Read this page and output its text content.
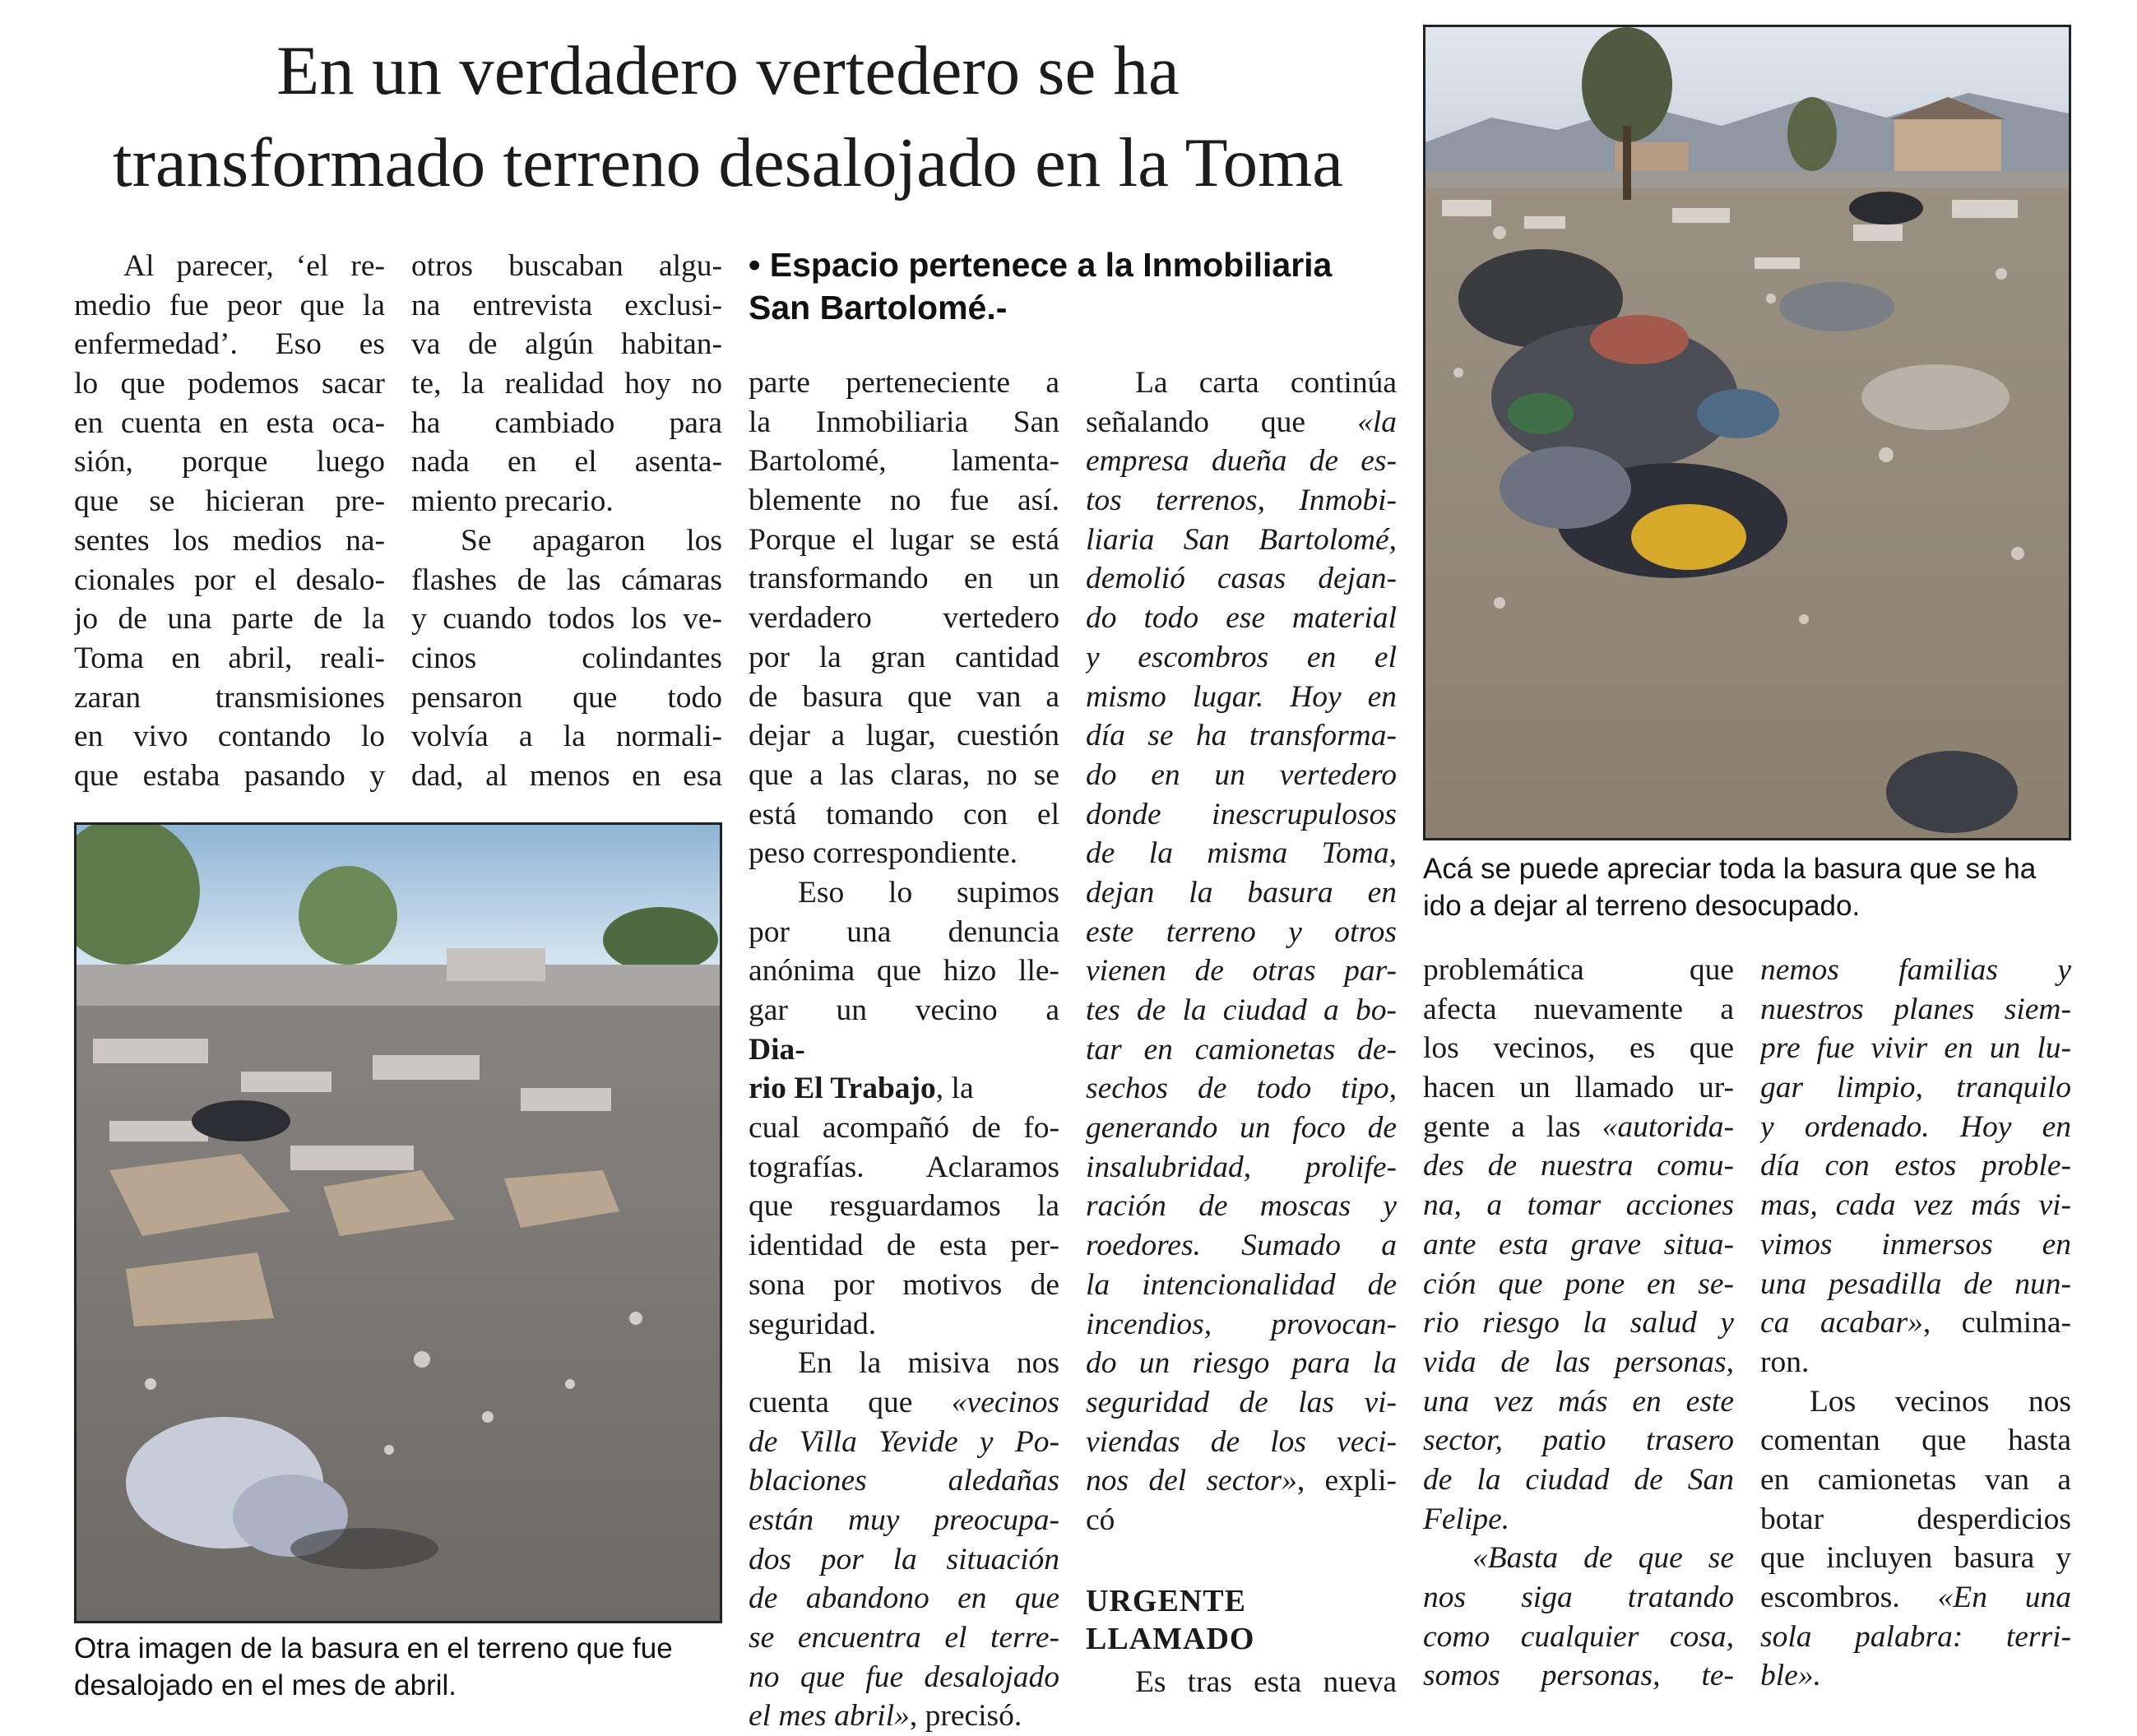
En un verdadero vertedero se ha
transformado terreno desalojado en la Toma
• Espacio pertenece a la Inmobiliaria
San Bartolomé.-
Al parecer, ‘el re-
medio fue peor que la
enfermedad’. Eso es
lo que podemos sacar
en cuenta en esta oca-
sión, porque luego
que se hicieran pre-
sentes los medios na-
cionales por el desalo-
jo de una parte de la
Toma en abril, reali-
zaran transmisiones
en vivo contando lo
que estaba pasando y
otros buscaban algu-
na entrevista exclusi-
va de algún habitan-
te, la realidad hoy no
ha cambiado para
nada en el asenta-
miento precario.
Se apagaron los
flashes de las cámaras
y cuando todos los ve-
cinos colindantes
pensaron que todo
volvía a la normali-
dad, al menos en esa
parte perteneciente a
la Inmobiliaria San
Bartolomé, lamenta-
blemente no fue así.
Porque el lugar se está
transformando en un
verdadero vertedero
por la gran cantidad
de basura que van a
dejar a lugar, cuestión
que a las claras, no se
está tomando con el
peso correspondiente.
Eso lo supimos
por una denuncia
anónima que hizo lle-
gar un vecino a
Dia-
rio El Trabajo, la
cual acompañó de fo-
tografías. Aclaramos
que resguardamos la
identidad de esta per-
sona por motivos de
seguridad.
En la misiva nos
cuenta que «vecinos
de Villa Yevide y Po-
blaciones aledañas
están muy preocupa-
dos por la situación
de abandono en que
se encuentra el terre-
no que fue desalojado
el mes abril», precisó.
La carta continúa
señalando que «la
empresa dueña de es-
tos terrenos, Inmobi-
liaria San Bartolomé,
demolió casas dejan-
do todo ese material
y escombros en el
mismo lugar. Hoy en
día se ha transforma-
do en un vertedero
donde inescrupulosos
de la misma Toma,
dejan la basura en
este terreno y otros
vienen de otras par-
tes de la ciudad a bo-
tar en camionetas de-
sechos de todo tipo,
generando un foco de
insalubridad, prolife-
ración de moscas y
roedores. Sumado a
la intencionalidad de
incendios, provocan-
do un riesgo para la
seguridad de las vi-
viendas de los veci-
nos del sector», expli-
có
URGENTE
LLAMADO
Es tras esta nueva
problemática que
afecta nuevamente a
los vecinos, es que
hacen un llamado ur-
gente a las «autorida-
des de nuestra comu-
na, a tomar acciones
ante esta grave situa-
ción que pone en se-
rio riesgo la salud y
vida de las personas,
una vez más en este
sector, patio trasero
de la ciudad de San
Felipe.
«Basta de que se
nos siga tratando
como cualquier cosa,
somos personas, te-
nemos familias y
nuestros planes siem-
pre fue vivir en un lu-
gar limpio, tranquilo
y ordenado. Hoy en
día con estos proble-
mas, cada vez más vi-
vimos inmersos en
una pesadilla de nun-
ca acabar», culmina-
ron.
Los vecinos nos
comentan que hasta
en camionetas van a
botar desperdicios
que incluyen basura y
escombros. «En una
sola palabra: terri-
ble».
Acá se puede apreciar toda la basura que se ha
ido a dejar al terreno desocupado.
Otra imagen de la basura en el terreno que fue
desalojado en el mes de abril.
